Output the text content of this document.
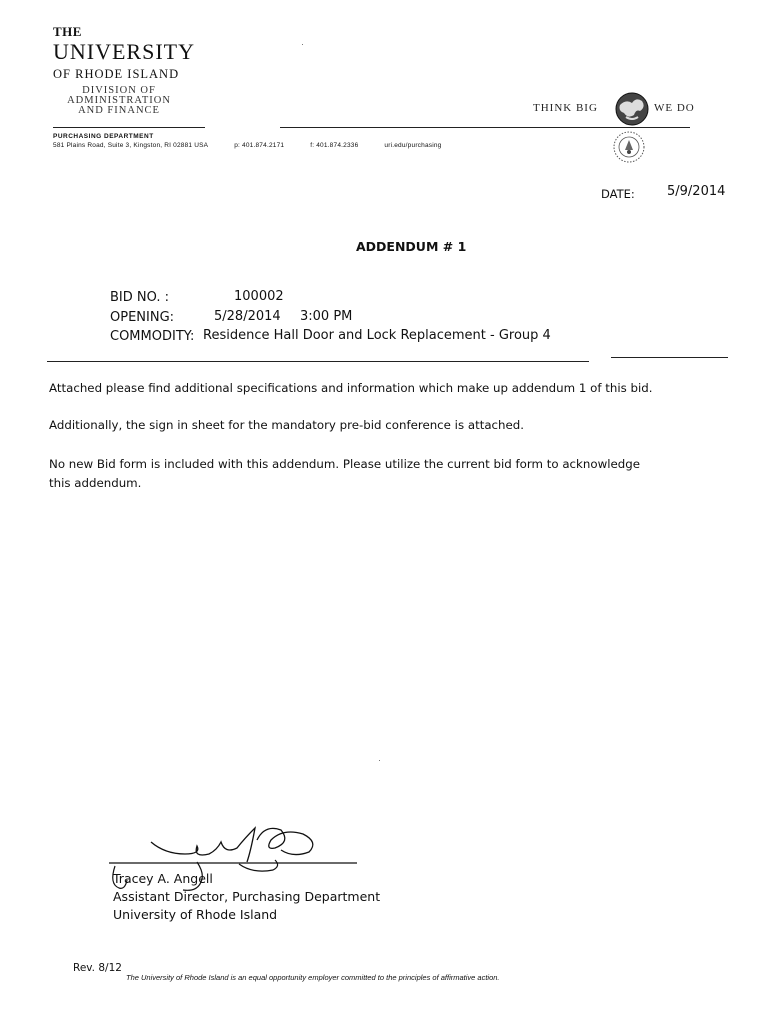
THE
UNIVERSITY
OF RHODE ISLAND
DIVISION OF ADMINISTRATION AND FINANCE	THINK BIG	WE DO
PURCHASING DEPARTMENT
581 Plains Road, Suite 3, Kingston, RI 02881 USA	p: 401.874.2171	f: 401.874.2336	uri.edu/purchasing
DATE: 5/9/2014
ADDENDUM # 1
BID NO. :	100002
OPENING:	5/28/2014 3:00 PM
COMMODITY: Residence Hall Door and Lock Replacement - Group 4
Attached please find additional specifications and information which make up addendum 1 of this bid.
Additionally, the sign in sheet for the mandatory pre-bid conference is attached.
No new Bid form is included with this addendum. Please utilize the current bid form to acknowledge
this addendum.
Tracey A. Angell
Assistant Director, Purchasing Department
University of Rhode Island
Rev. 8/12
The University of Rhode Island is an equal opportunity employer committed to the principles of affirmative action.
